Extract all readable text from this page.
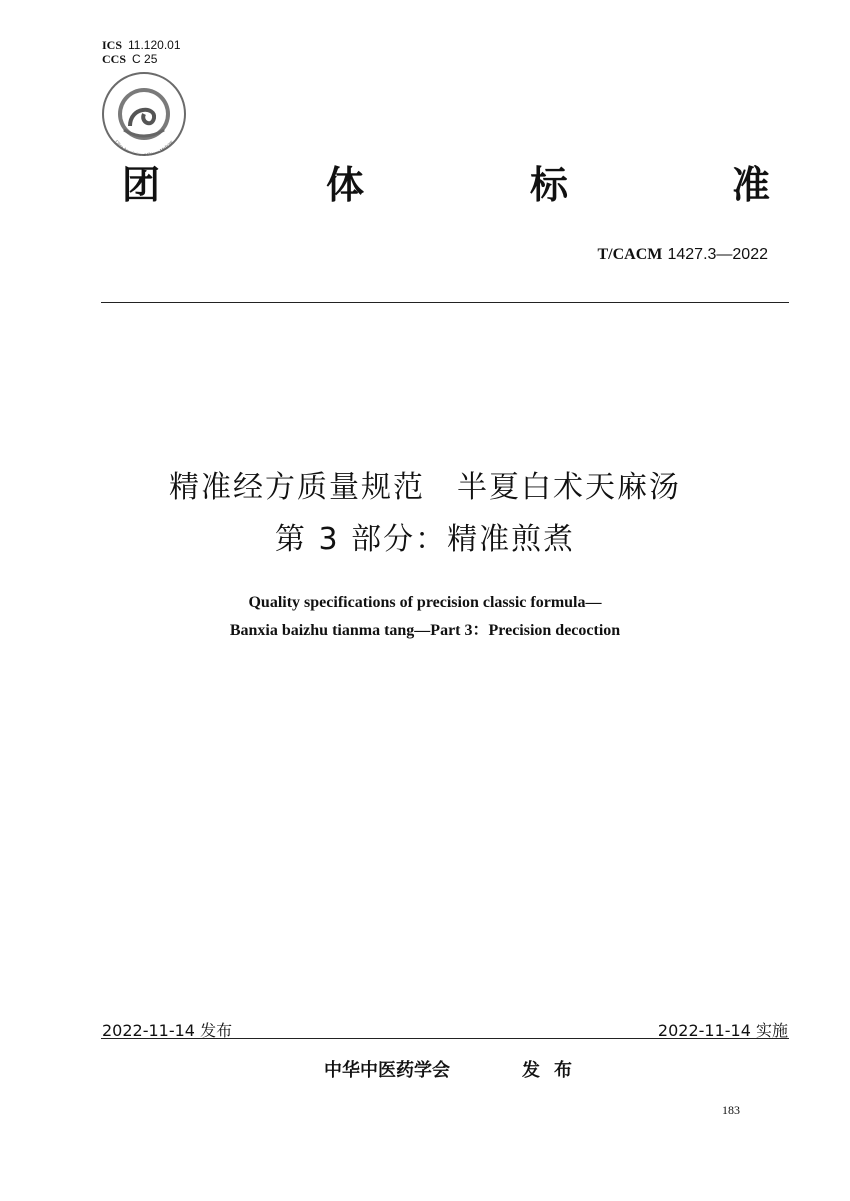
ICS 11.120.01
CCS C 25
中华中医药学会
China Association of Chinese Medicine
团	体	标	准
T/CACM 1427.3—2022
精准经方质量规范　半夏白术天麻汤
第 3 部分：精准煎煮
Quality specifications of precision classic formula—
Banxia baizhu tianma tang—Part 3：Precision decoction
2022-11-14 发布	2022-11-14 实施
中华中医药学会	发布
183
